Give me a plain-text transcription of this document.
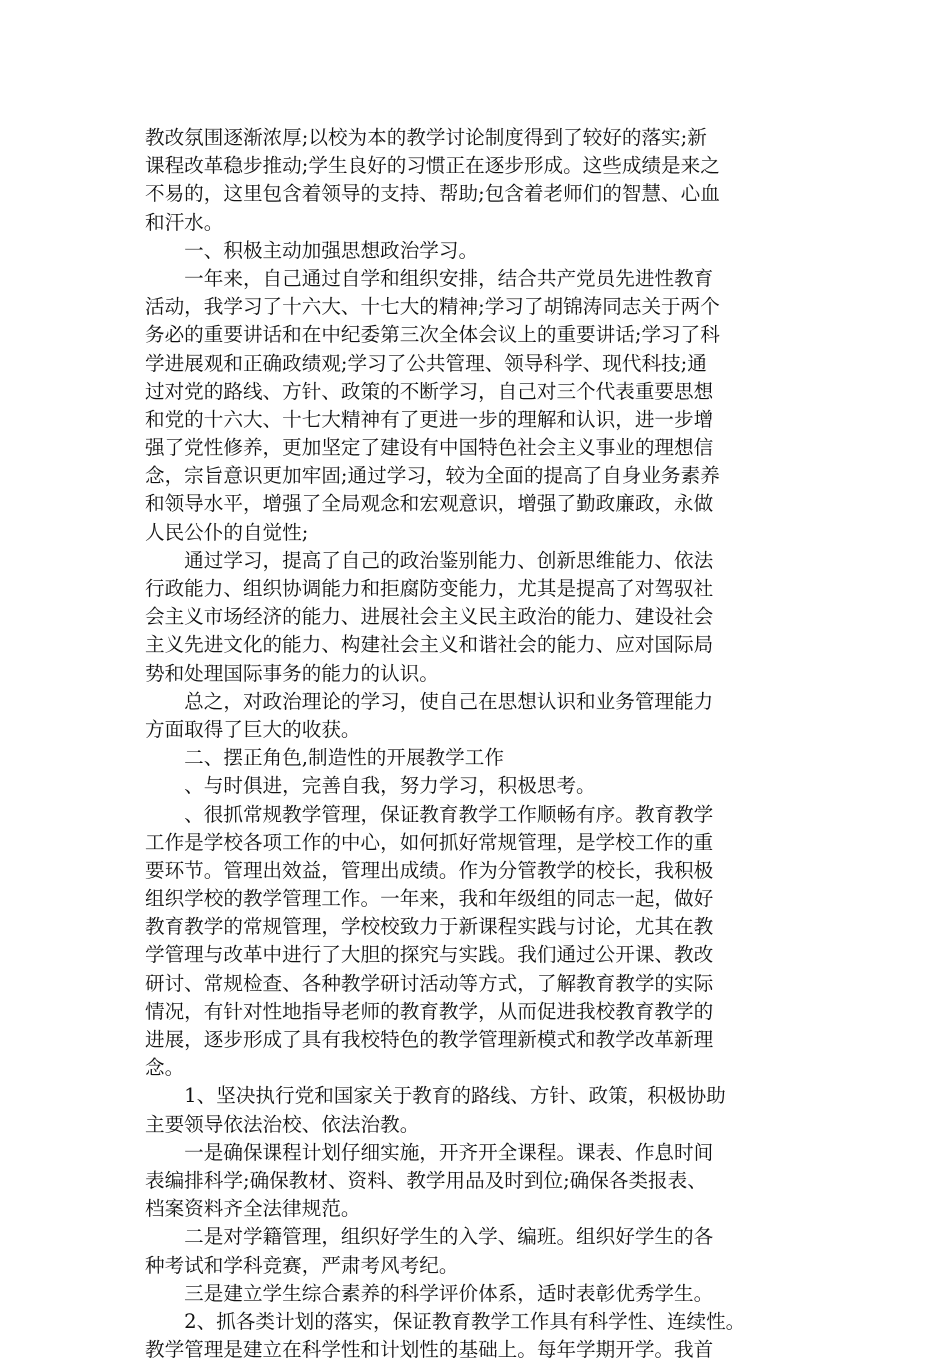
教改氛围逐渐浓厚;以校为本的教学讨论制度得到了较好的落实;新
课程改革稳步推动;学生良好的习惯正在逐步形成。这些成绩是来之
不易的，这里包含着领导的支持、帮助;包含着老师们的智慧、心血
和汗水。
　　一、积极主动加强思想政治学习。
　　一年来，自己通过自学和组织安排，结合共产党员先进性教育
活动，我学习了十六大、十七大的精神;学习了胡锦涛同志关于两个
务必的重要讲话和在中纪委第三次全体会议上的重要讲话;学习了科
学进展观和正确政绩观;学习了公共管理、领导科学、现代科技;通
过对党的路线、方针、政策的不断学习，自己对三个代表重要思想
和党的十六大、十七大精神有了更进一步的理解和认识，进一步增
强了党性修养，更加坚定了建设有中国特色社会主义事业的理想信
念，宗旨意识更加牢固;通过学习，较为全面的提高了自身业务素养
和领导水平，增强了全局观念和宏观意识，增强了勤政廉政，永做
人民公仆的自觉性;
　　通过学习，提高了自己的政治鉴别能力、创新思维能力、依法
行政能力、组织协调能力和拒腐防变能力，尤其是提高了对驾驭社
会主义市场经济的能力、进展社会主义民主政治的能力、建设社会
主义先进文化的能力、构建社会主义和谐社会的能力、应对国际局
势和处理国际事务的能力的认识。
　　总之，对政治理论的学习，使自己在思想认识和业务管理能力
方面取得了巨大的收获。
　　二、摆正角色,制造性的开展教学工作
　　、与时俱进，完善自我，努力学习，积极思考。
　　、很抓常规教学管理，保证教育教学工作顺畅有序。教育教学
工作是学校各项工作的中心，如何抓好常规管理，是学校工作的重
要环节。管理出效益，管理出成绩。作为分管教学的校长，我积极
组织学校的教学管理工作。一年来，我和年级组的同志一起，做好
教育教学的常规管理，学校校致力于新课程实践与讨论，尤其在教
学管理与改革中进行了大胆的探究与实践。我们通过公开课、教改
研讨、常规检查、各种教学研讨活动等方式，了解教育教学的实际
情况，有针对性地指导老师的教育教学，从而促进我校教育教学的
进展，逐步形成了具有我校特色的教学管理新模式和教学改革新理
念。
　　1、坚决执行党和国家关于教育的路线、方针、政策，积极协助
主要领导依法治校、依法治教。
　　一是确保课程计划仔细实施，开齐开全课程。课表、作息时间
表编排科学;确保教材、资料、教学用品及时到位;确保各类报表、
档案资料齐全法律规范。
　　二是对学籍管理，组织好学生的入学、编班。组织好学生的各
种考试和学科竞赛，严肃考风考纪。
　　三是建立学生综合素养的科学评价体系，适时表彰优秀学生。
　　2、抓各类计划的落实，保证教育教学工作具有科学性、连续性。
教学管理是建立在科学性和计划性的基础上。每年学期开学。我首
